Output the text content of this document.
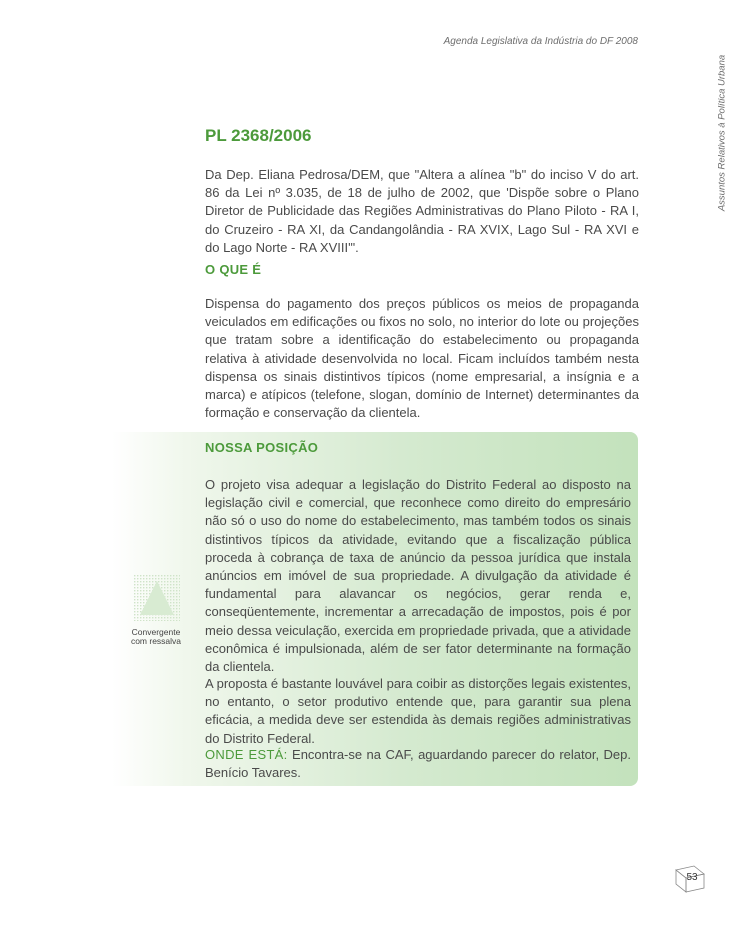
Agenda Legislativa da Indústria do DF 2008
Assuntos Relativos à Política Urbana
PL 2368/2006

Da Dep. Eliana Pedrosa/DEM, que "Altera a alínea "b" do inciso V do art. 86 da Lei nº 3.035, de 18 de julho de 2002, que 'Dispõe sobre o Plano Diretor de Publicidade das Regiões Administrativas do Plano Piloto - RA I, do Cruzeiro - RA XI, da Candangolândia - RA XVIX, Lago Sul - RA XVI e do Lago Norte - RA XVIII'".

O QUE É

Dispensa do pagamento dos preços públicos os meios de propaganda veiculados em edificações ou fixos no solo, no interior do lote ou projeções que tratam sobre a identificação do estabelecimento ou propaganda relativa à atividade desenvolvida no local. Ficam incluídos também nesta dispensa os sinais distintivos típicos (nome empresarial, a insígnia e a marca) e atípicos (telefone, slogan, domínio de Internet) determinantes da formação e conservação da clientela.

NOSSA POSIÇÃO

O projeto visa adequar a legislação do Distrito Federal ao disposto na legislação civil e comercial, que reconhece como direito do empresário não só o uso do nome do estabelecimento, mas também todos os sinais distintivos típicos da atividade, evitando que a fiscalização pública proceda à cobrança de taxa de anúncio da pessoa jurídica que instala anúncios em imóvel de sua propriedade. A divulgação da atividade é fundamental para alavancar os negócios, gerar renda e, conseqüentemente, incrementar a arrecadação de impostos, pois é por meio dessa veiculação, exercida em propriedade privada, que a atividade econômica é impulsionada, além de ser fator determinante na formação da clientela.

A proposta é bastante louvável para coibir as distorções legais existentes, no entanto, o setor produtivo entende que, para garantir sua plena eficácia, a medida deve ser estendida às demais regiões administrativas do Distrito Federal.

ONDE ESTÁ: Encontra-se na CAF, aguardando parecer do relator, Dep. Benício Tavares.

Convergente
com ressalva
53
